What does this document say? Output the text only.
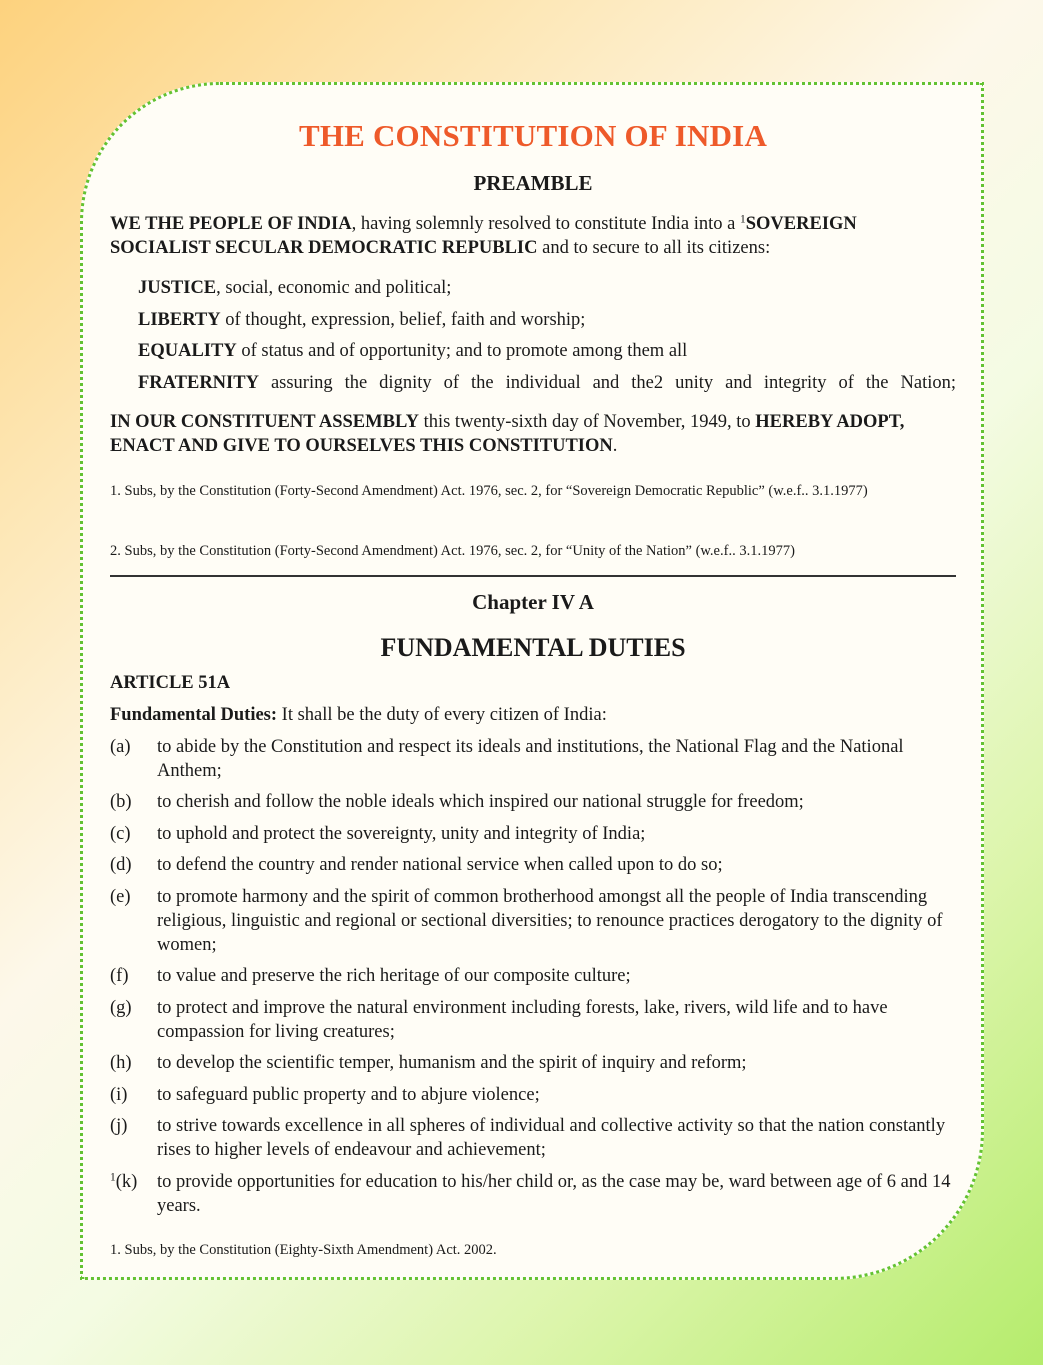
THE CONSTITUTION OF INDIA
PREAMBLE

WE THE PEOPLE OF INDIA, having solemnly resolved to constitute India into a $^1$SOVEREIGN SOCIALIST SECULAR DEMOCRATIC REPUBLIC and to secure to all its citizens:

JUSTICE, social, economic and political;

LIBERTY of thought, expression, belief, faith and worship;

EQUALITY of status and of opportunity; and to promote among them all

FRATERNITY assuring the dignity of the individual and the2 unity and integrity of the Nation;

IN OUR CONSTITUENT ASSEMBLY this twenty-sixth day of November, 1949, to HEREBY ADOPT, ENACT AND GIVE TO OURSELVES THIS CONSTITUTION.

1. Subs, by the Constitution (Forty-Second Amendment) Act. 1976, sec. 2, for “Sovereign Democratic Republic” (w.e.f.. 3.1.1977)

2. Subs, by the Constitution (Forty-Second Amendment) Act. 1976, sec. 2, for “Unity of the Nation” (w.e.f.. 3.1.1977)

Chapter IV A
FUNDAMENTAL DUTIES

ARTICLE 51A

Fundamental Duties: It shall be the duty of every citizen of India:

(a)	to abide by the Constitution and respect its ideals and institutions, the National Flag and the National Anthem;
(b)	to cherish and follow the noble ideals which inspired our national struggle for freedom;
(c)	to uphold and protect the sovereignty, unity and integrity of India;
(d)	to defend the country and render national service when called upon to do so;
(e)	to promote harmony and the spirit of common brotherhood amongst all the people of India transcending religious, linguistic and regional or sectional diversities; to renounce practices derogatory to the dignity of women;
(f)	to value and preserve the rich heritage of our composite culture;
(g)	to protect and improve the natural environment including forests, lake, rivers, wild life and to have compassion for living creatures;
(h)	to develop the scientific temper, humanism and the spirit of inquiry and reform;
(i)	to safeguard public property and to abjure violence;
(j)	to strive towards excellence in all spheres of individual and collective activity so that the nation constantly rises to higher levels of endeavour and achievement;
$^1$(k)	to provide opportunities for education to his/her child or, as the case may be, ward between age of 6 and 14 years.

1. Subs, by the Constitution (Eighty-Sixth Amendment) Act. 2002.
